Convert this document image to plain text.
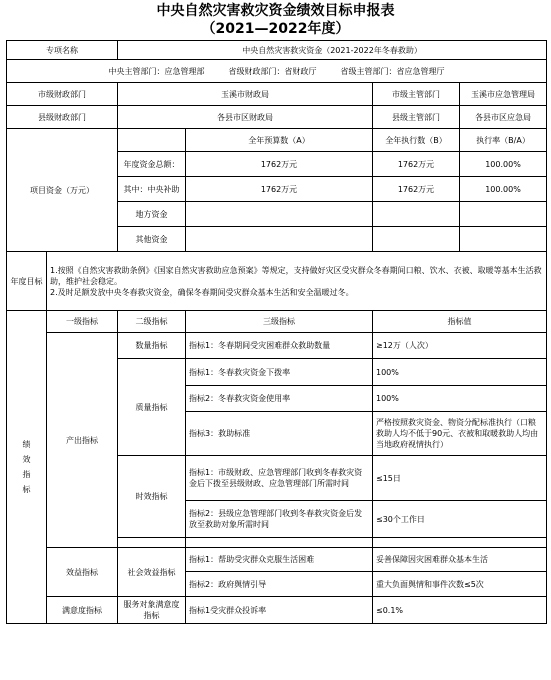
中央自然灾害救灾资金绩效目标申报表
（2021—2022年度）
专项名称		中央自然灾害救灾资金（2021-2022年冬春救助）			
中央主管部门：应急管理部　　　省级财政部门：省财政厅　　　省级主管部门：省应急管理厅					
市级财政部门		玉溪市财政局		市级主管部门	玉溪市应急管理局
县级财政部门		各县市区财政局		县级主管部门	各县市区应急局
项目资金（万元）			全年预算数（A）	全年执行数（B）	执行率（B/A）
		年度资金总额：	1762万元	1762万元	100.00%
		其中：中央补助	1762万元	1762万元	100.00%
		地方资金			
		其他资金			
年度目标	1.按照《自然灾害救助条例》《国家自然灾害救助应急预案》等规定，支持做好灾区受灾群众冬春期间口粮、饮水、衣被、取暖等基本生活救助，维护社会稳定。
2.及时足额发放中央冬春救灾资金，确保冬春期间受灾群众基本生活和安全温暖过冬。				

绩效指标	一级指标	二级指标	三级指标	指标值	
	产出指标	数量指标	指标1：冬春期间受灾困难群众救助数量	≥12万（人次）	
		质量指标	指标1：冬春救灾资金下拨率	100%	
			指标2：冬春救灾资金使用率	100%	
			指标3：救助标准	严格按照救灾资金、物资分配标准执行（口粮救助人均不低于90元、衣被和取暖救助人均由当地政府视情执行）	
		时效指标	指标1：市级财政、应急管理部门收到冬春救灾资金后下拨至县级财政、应急管理部门所需时间	≤15日	
			指标2：县级应急管理部门收到冬春救灾资金后发放至救助对象所需时间	≤30个工作日	

	效益指标	社会效益指标	指标1：帮助受灾群众克服生活困难	妥善保障因灾困难群众基本生活	
			指标2：政府舆情引导	重大负面舆情和事件次数≤5次	
	满意度指标	服务对象满意度指标	指标1受灾群众投诉率	≤0.1%	
